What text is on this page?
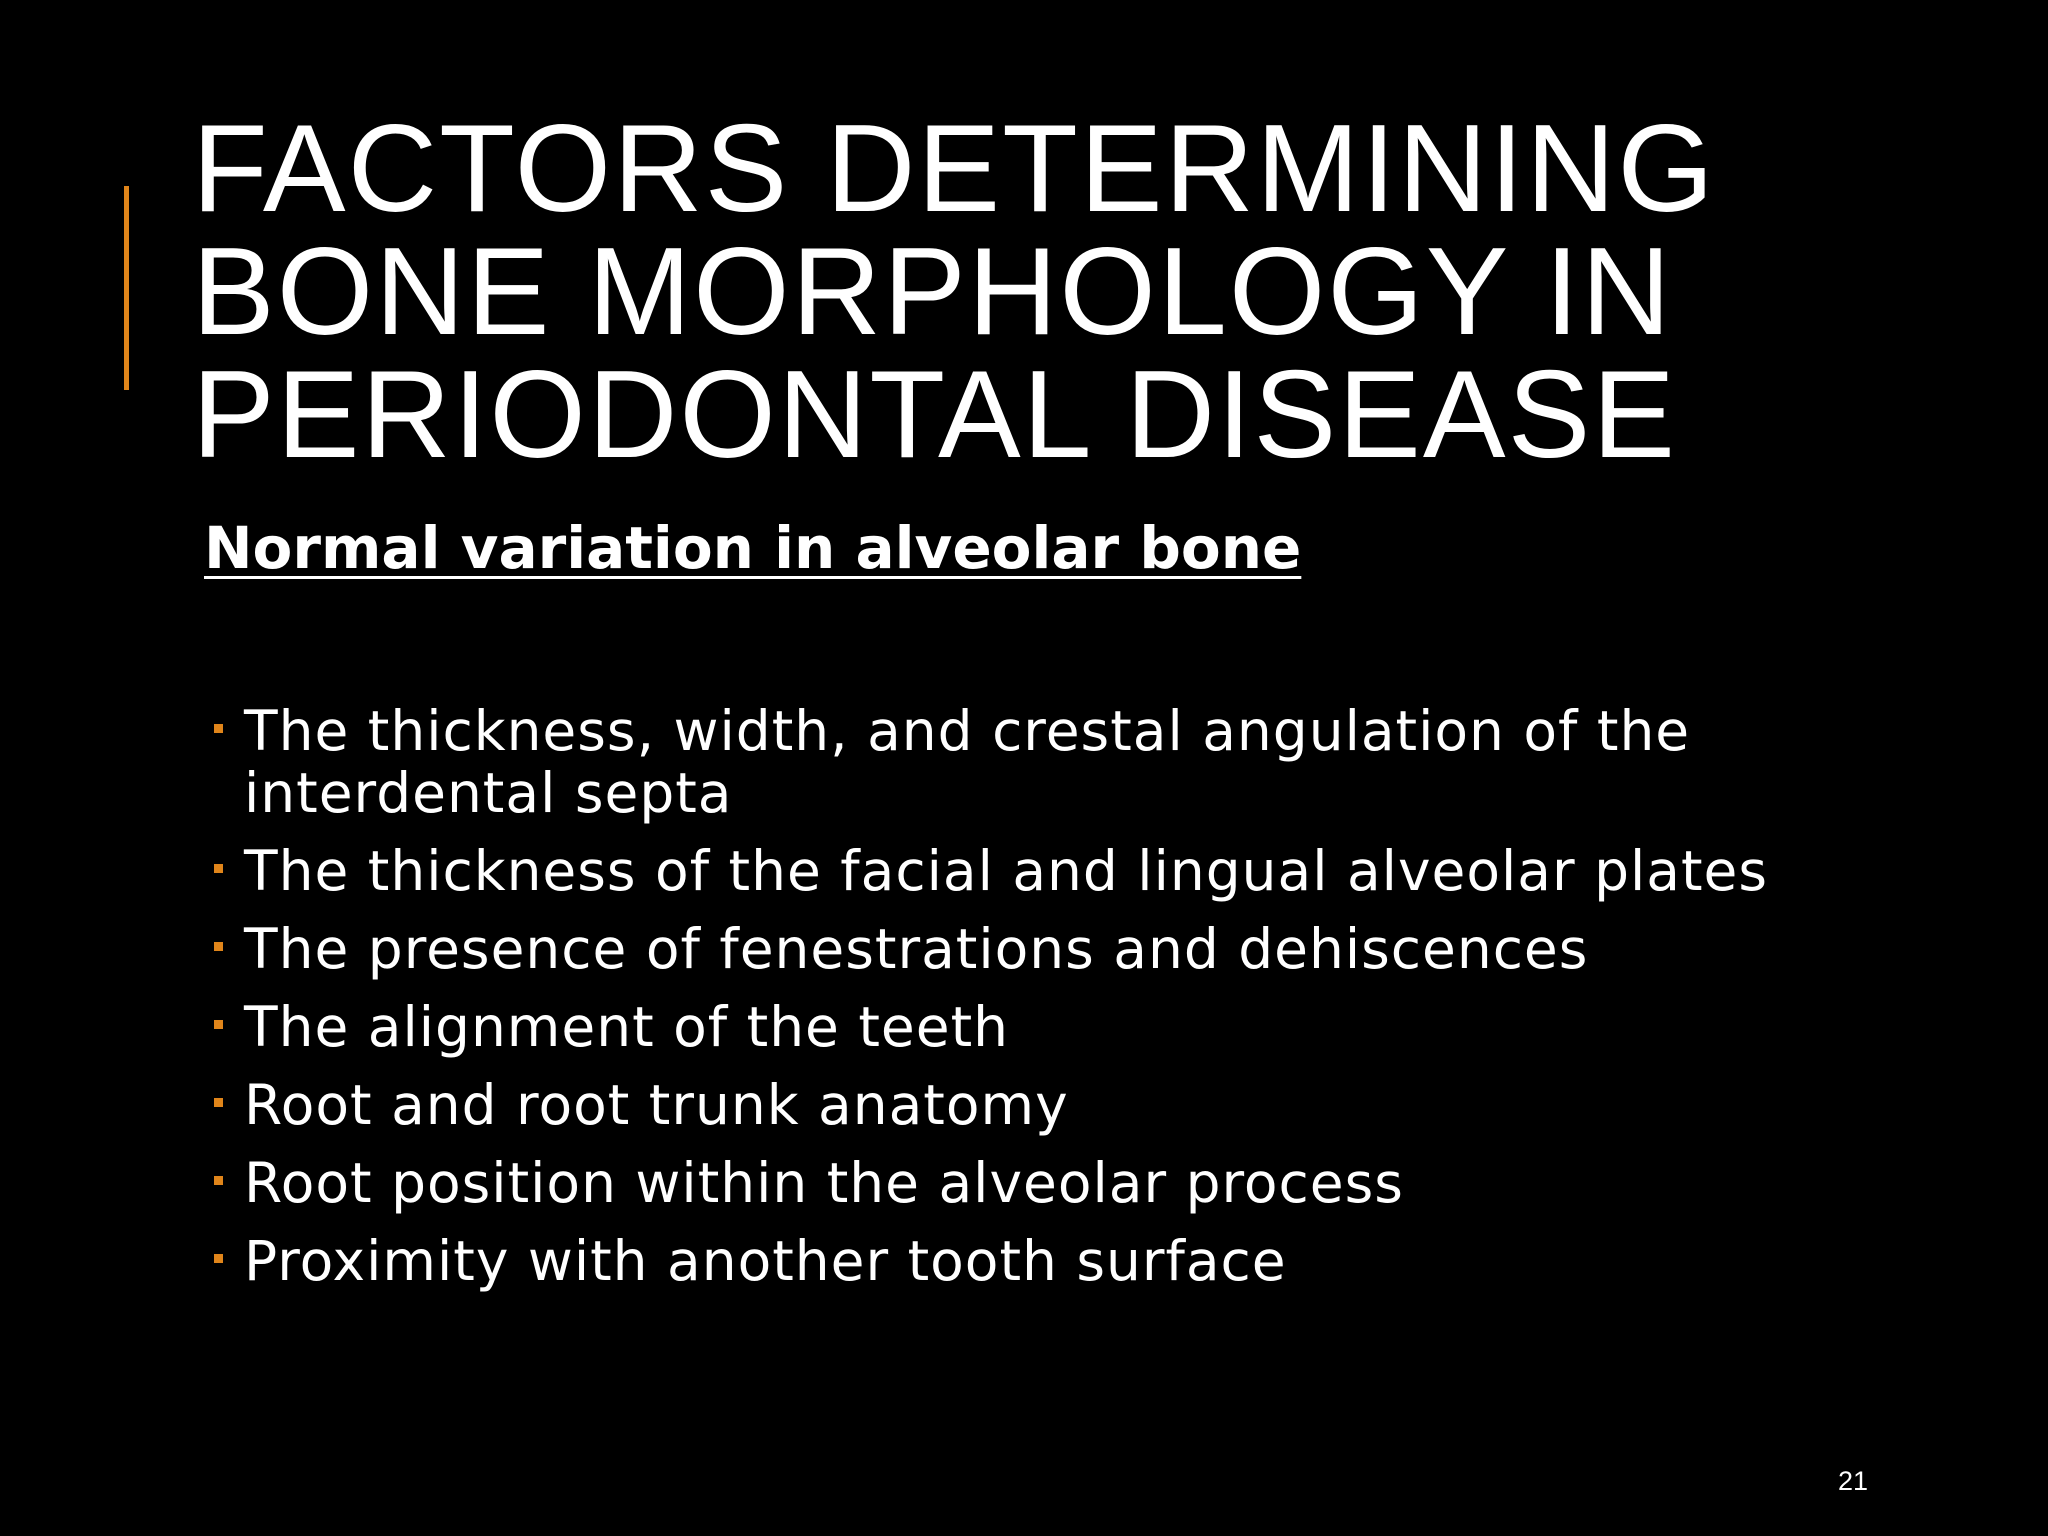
FACTORS DETERMINING
BONE MORPHOLOGY IN
PERIODONTAL DISEASE
Normal variation in alveolar bone
The thickness, width, and crestal angulation of the interdental septa
The thickness of the facial and lingual alveolar plates
The presence of fenestrations and dehiscences
The alignment of the teeth
Root and root trunk anatomy
Root position within the alveolar process
Proximity with another tooth surface
21
